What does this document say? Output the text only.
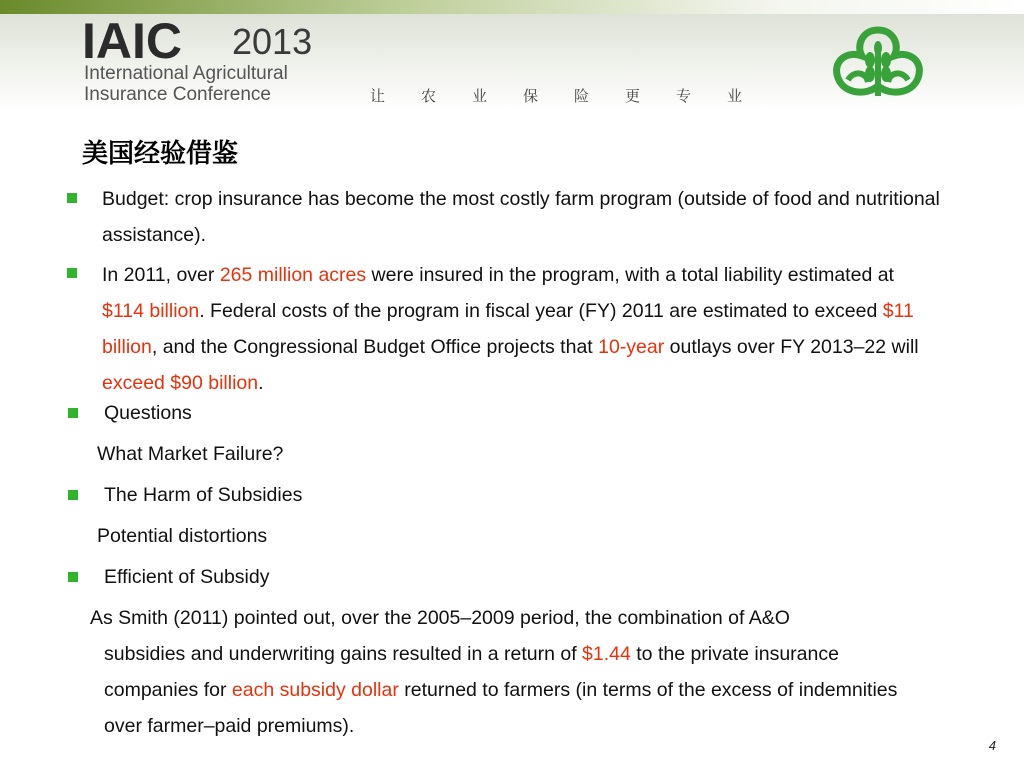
IAIC 2013
International Agricultural
Insurance Conference	让 农 业 保 险 更 专 业
美国经验借鉴
Budget: crop insurance has become the most costly farm program (outside of food and nutritional assistance).
In 2011, over 265 million acres were insured in the program, with a total liability estimated at $114 billion. Federal costs of the program in fiscal year (FY) 2011 are estimated to exceed $11 billion, and the Congressional Budget Office projects that 10-year outlays over FY 2013–22 will exceed $90 billion.
Questions
What Market Failure?
The Harm of Subsidies
Potential distortions
Efficient of Subsidy
As Smith (2011) pointed out, over the 2005–2009 period, the combination of A&O
subsidies and underwriting gains resulted in a return of $1.44 to the private insurance companies for each subsidy dollar returned to farmers (in terms of the excess of indemnities over farmer–paid premiums).
4
